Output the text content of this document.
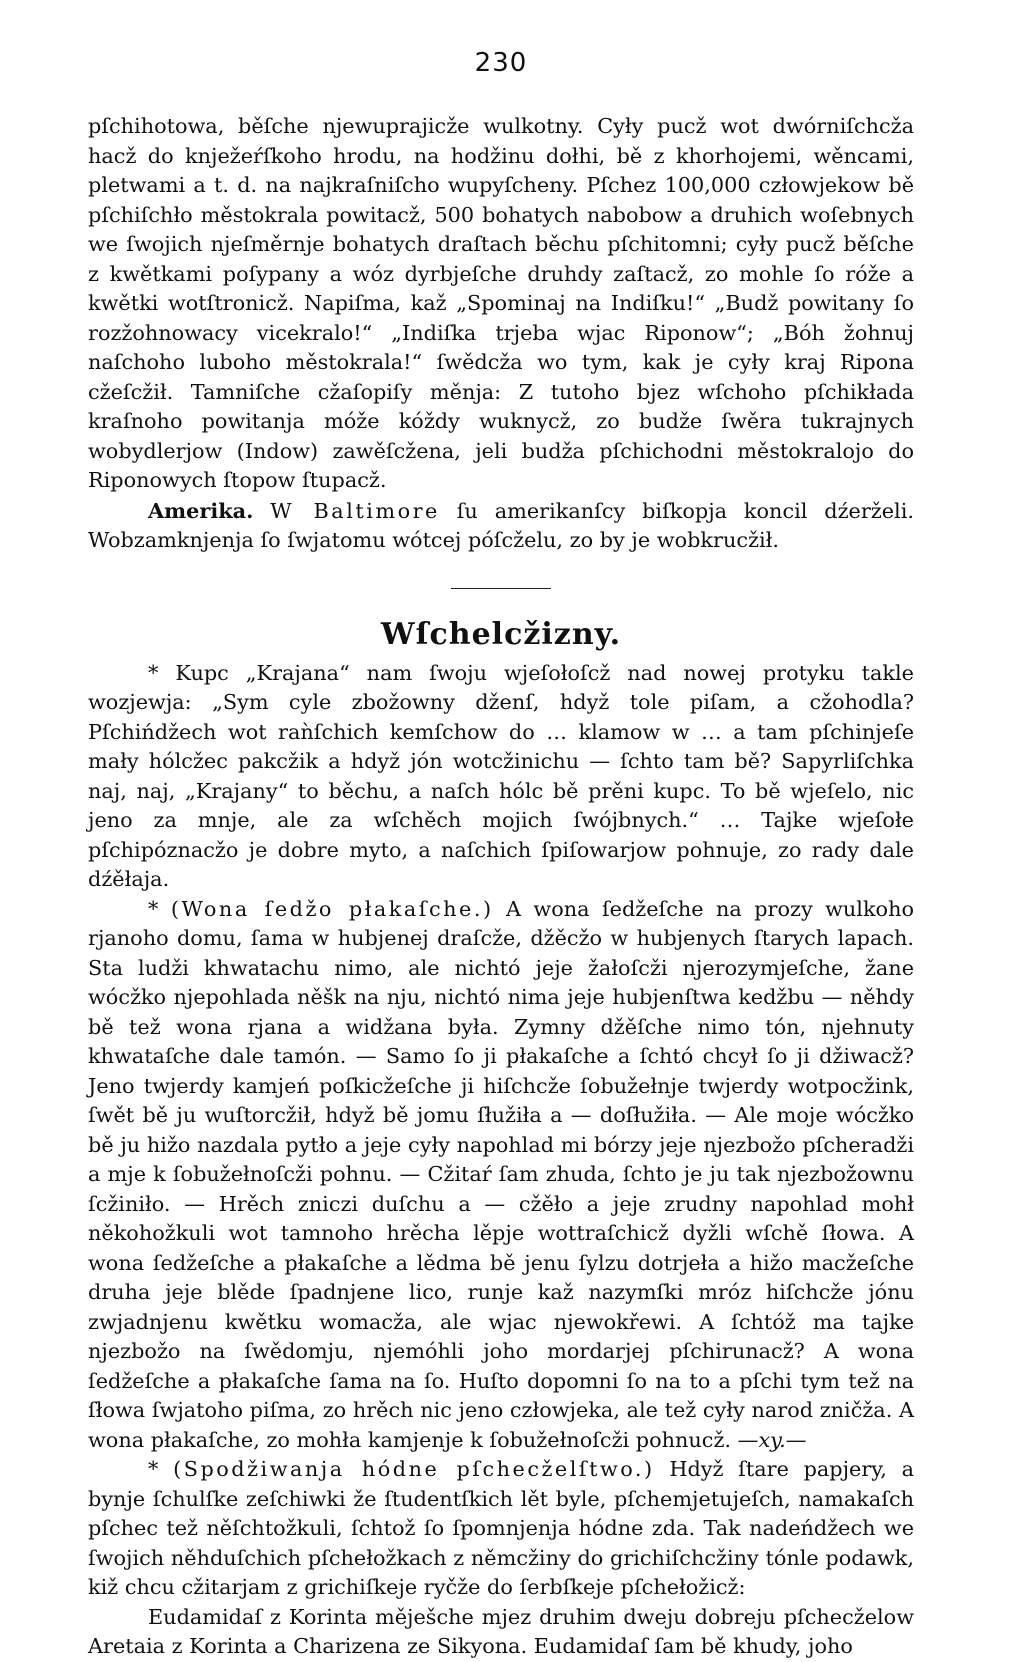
230

pſchihotowa, běſche njewuprajicže wulkotny. Cyły pucž wot dwórniſchcža hacž do knježeŕſkoho hrodu, na hodžinu dołhi, bě z khorhojemi, wěncami, pletwami a t. d. na najkraſniſcho wupyſcheny. Pſchez 100,000 człowjekow bě pſchiſchło městokrala powitacž, 500 bohatych nabobow a druhich woſebnych we ſwojich njeſměrnje bohatych draſtach běchu pſchitomni; cyły pucž běſche z kwětkami poſypany a wóz dyrbjeſche druhdy zaſtacž, zo mohle ſo róže a kwětki wotſtronicž. Napiſma, kaž „Spominaj na Indiſku!“ „Budž powitany ſo rozžohnowacy vicekralo!“ „Indiſka trjeba wjac Riponow“; „Bóh žohnuj naſchoho luboho městokrala!“ ſwědcža wo tym, kak je cyły kraj Ripona cžeſcžił. Tamniſche cžaſopiſy měnja: Z tutoho bjez wſchoho pſchikłada kraſnoho powitanja móže kóždy wuknycž, zo budže ſwěra tukrajnych wobydlerjow (Indow) zawěſcžena, jeli budža pſchichodni městokralojo do Riponowych ſtopow ſtupacž.

Amerika. W Baltimore ſu amerikanſcy biſkopja koncil dźerželi. Wobzamknjenja ſo ſwjatomu wótcej póſcželu, zo by je wobkrucžił.

Wſchelcžizny.

* Kupc „Krajana“ nam ſwoju wjeſołoſcž nad nowej protyku takle wozjewja: „Sym cyle zbožowny dženſ, hdyž tole piſam, a cžohodla? Pſchińdžech wot raǹſchich kemſchow do … klamow w … a tam pſchinjeſe mały hólcžec pakcžik a hdyž jón wotcžinichu — ſchto tam bě? Sapyrliſchka naj, naj, „Krajany“ to běchu, a naſch hólc bě prěni kupc. To bě wjeſelo, nic jeno za mnje, ale za wſchěch mojich ſwójbnych.“ … Tajke wjeſołe pſchipóznacžo je dobre myto, a naſchich ſpiſowarjow pohnuje, zo rady dale dźěłaja.

* (Wona ſedžo płakaſche.) A wona ſedžeſche na prozy wulkoho rjanoho domu, ſama w hubjenej draſcže, džěcžo w hubjenych ſtarych lapach. Sta ludži khwatachu nimo, ale nichtó jeje žałoſcži njerozymjeſche, žane wócžko njepohlada něšk na nju, nichtó nima jeje hubjenſtwa kedžbu — něhdy bě tež wona rjana a widžana była. Zymny džěſche nimo tón, njehnuty khwataſche dale tamón. — Samo ſo ji płakaſche a ſchtó chcył ſo ji džiwacž? Jeno twjerdy kamjeń poſkicžeſche ji hiſchcže ſobužełnje twjerdy wotpocžink, ſwět bě ju wuſtorcžił, hdyž bě jomu ſłužiła a — doſłužiła. — Ale moje wócžko bě ju hižo nazdala pytło a jeje cyły napohlad mi bórzy jeje njezbožo pſcheradži a mje k ſobužełnoſcži pohnu. — Cžitaŕ ſam zhuda, ſchto je ju tak njezbožownu ſcžiniło. — Hrěch zniczi duſchu a — cžěło a jeje zrudny napohlad mohł někohožkuli wot tamnoho hrěcha lěpje wottraſchicž dyžli wſchě ſłowa. A wona ſedžeſche a płakaſche a lědma bě jenu ſylzu dotrjeła a hižo macžeſche druha jeje blěde ſpadnjene lico, runje kaž nazymſki mróz hiſchcže jónu zwjadnjenu kwětku womacža, ale wjac njewokřewi. A ſchtóž ma tajke njezbožo na ſwědomju, njemóhli joho mordarjej pſchirunacž? A wona ſedžeſche a płakaſche ſama na ſo. Huſto dopomni ſo na to a pſchi tym tež na ſłowa ſwjatoho piſma, zo hrěch nic jeno człowjeka, ale tež cyły narod zničža. A wona płakaſche, zo mohła kamjenje k ſobužełnoſcži pohnucž. —xy.—

* (Spodžiwanja hódne pſchecželſtwo.) Hdyž ſtare papjery, a bynje ſchulſke zeſchiwki že ſtudentſkich lět byle, pſchemjetujeſch, namakaſch pſchec tež něſchtožkuli, ſchtož ſo ſpomnjenja hódne zda. Tak nadeńdžech we ſwojich něhduſchich pſchełožkach z němcžiny do grichiſchcžiny tónle podawk, kiž chcu cžitarjam z grichiſkeje ryčže do ſerbſkeje pſchełožicž:

Eudamidaſ z Korinta měješche mjez druhim dweju dobreju pſchecželow Aretaia z Korinta a Charizena ze Sikyona. Eudamidaſ ſam bě khudy, joho
